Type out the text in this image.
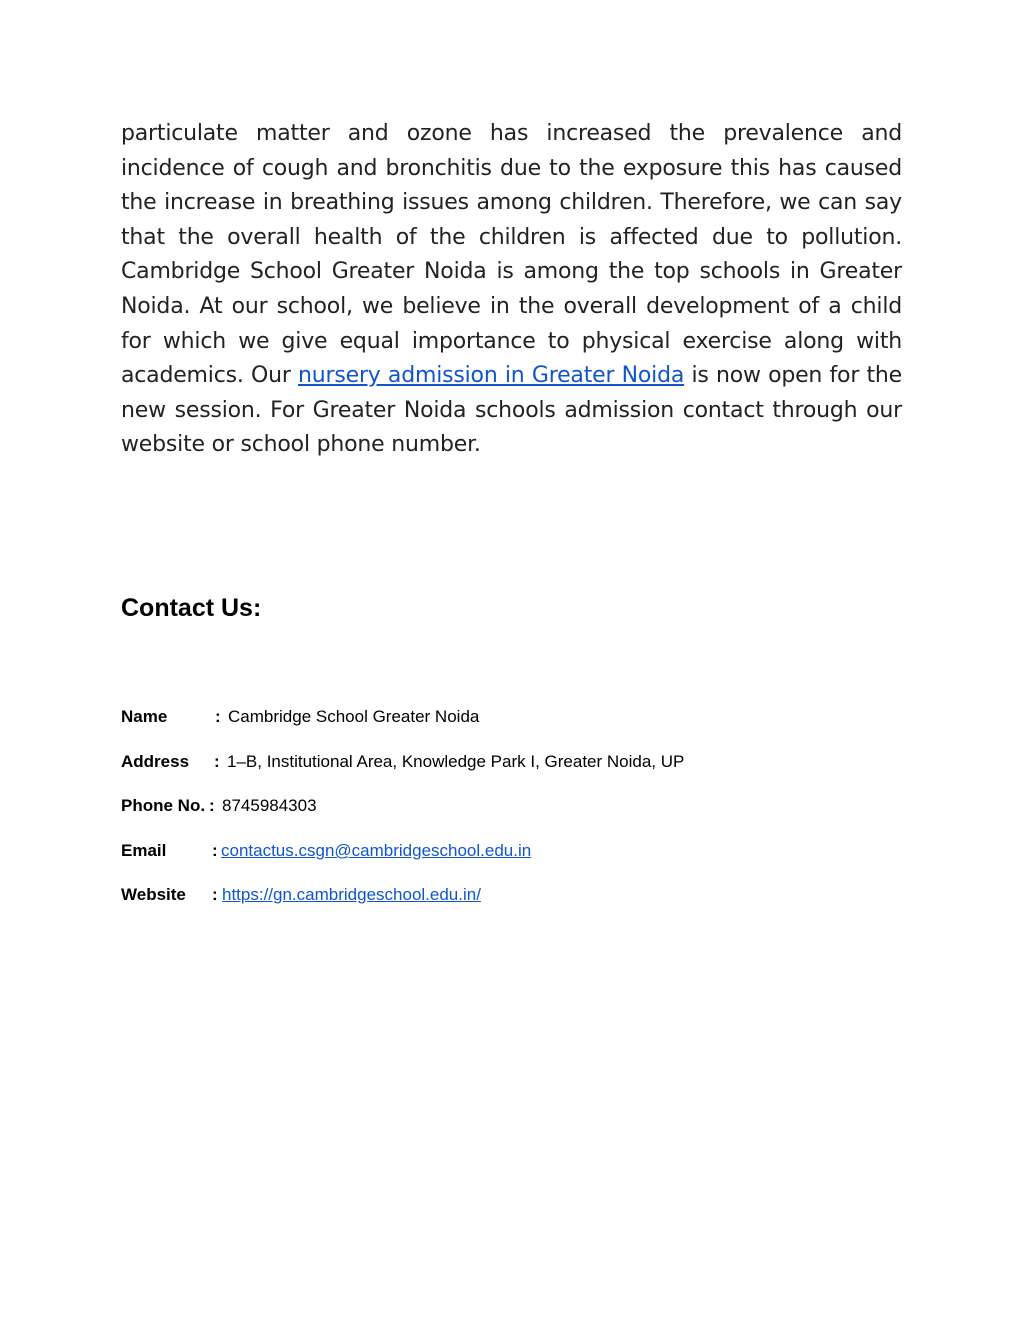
particulate matter and ozone has increased the prevalence and incidence of cough and bronchitis due to the exposure this has caused the increase in breathing issues among children. Therefore, we can say that the overall health of the children is affected due to pollution. Cambridge School Greater Noida is among the top schools in Greater Noida. At our school, we believe in the overall development of a child for which we give equal importance to physical exercise along with academics. Our nursery admission in Greater Noida is now open for the new session. For Greater Noida schools admission contact through our website or school phone number.

Contact Us:
Name	: Cambridge School Greater Noida
Address : 1–B, Institutional Area, Knowledge Park I, Greater Noida, UP
Phone No. : 8745984303
Email	: contactus.csgn@cambridgeschool.edu.in
Website : https://gn.cambridgeschool.edu.in/
